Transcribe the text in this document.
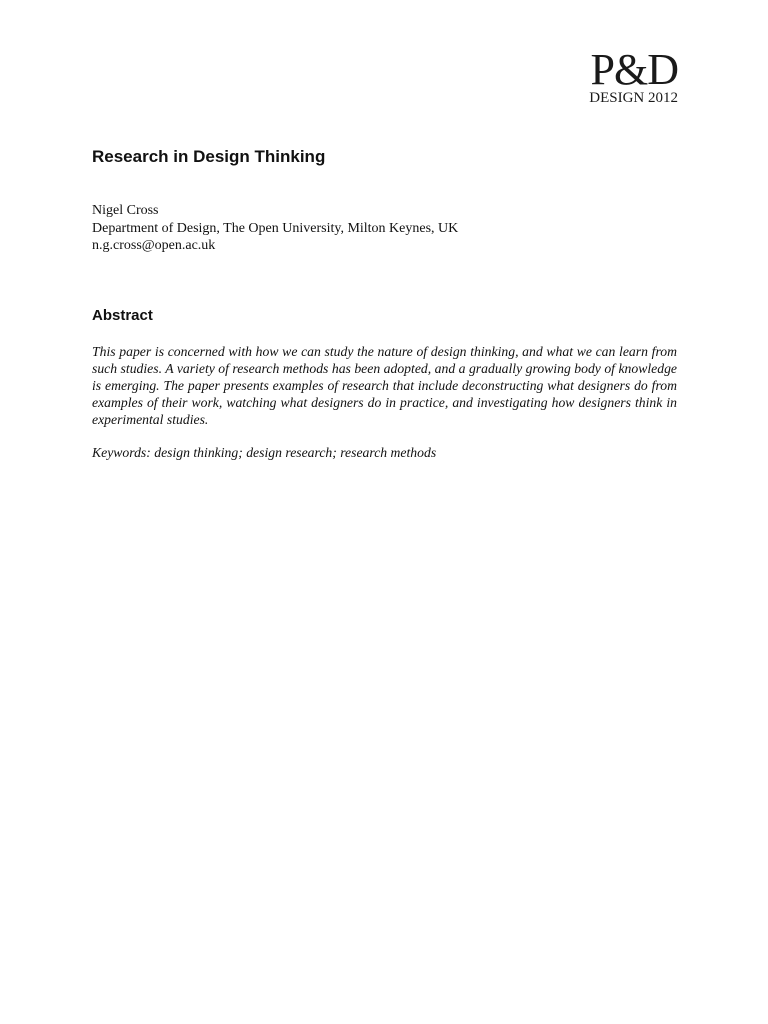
P&D
DESIGN 2012
Research in Design Thinking
Nigel Cross
Department of Design, The Open University, Milton Keynes, UK
n.g.cross@open.ac.uk
Abstract

This paper is concerned with how we can study the nature of design thinking, and what we can learn from such studies. A variety of research methods has been adopted, and a gradually growing body of knowledge is emerging. The paper presents examples of research that include deconstructing what designers do from examples of their work, watching what designers do in practice, and investigating how designers think in experimental studies.

Keywords: design thinking; design research; research methods
